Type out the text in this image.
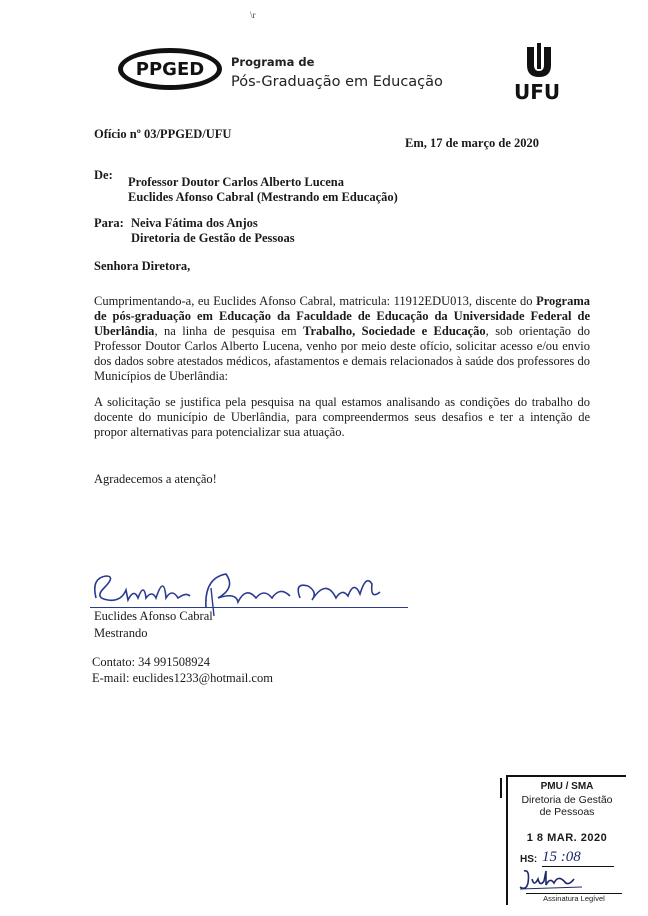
\r
PPGED Programa de
Pós-Graduação em Educação	UFU
Ofício nº 03/PPGED/UFU
Em, 17 de março de 2020
De: Professor Doutor Carlos Alberto Lucena
Euclides Afonso Cabral (Mestrando em Educação)
Para: Neiva Fátima dos Anjos
Diretoria de Gestão de Pessoas
Senhora Diretora,
Cumprimentando-a, eu Euclides Afonso Cabral, matricula: 11912EDU013, discente do Programa de pós-graduação em Educação da Faculdade de Educação da Universidade Federal de Uberlândia, na linha de pesquisa em Trabalho, Sociedade e Educação, sob orientação do Professor Doutor Carlos Alberto Lucena, venho por meio deste ofício, solicitar acesso e/ou envio dos dados sobre atestados médicos, afastamentos e demais relacionados à saúde dos professores do Municípios de Uberlândia:
A solicitação se justifica pela pesquisa na qual estamos analisando as condições do trabalho do docente do município de Uberlândia, para compreendermos seus desafios e ter a intenção de propor alternativas para potencializar sua atuação.
Agradecemos a atenção!
Euclides Afonso Cabral
Mestrando
Contato: 34 991508924
E-mail: euclides1233@hotmail.com
PMU / SMA
Diretoria de Gestão
de Pessoas
1 8 MAR. 2020
HS: 15 :08
Assinatura Legível
